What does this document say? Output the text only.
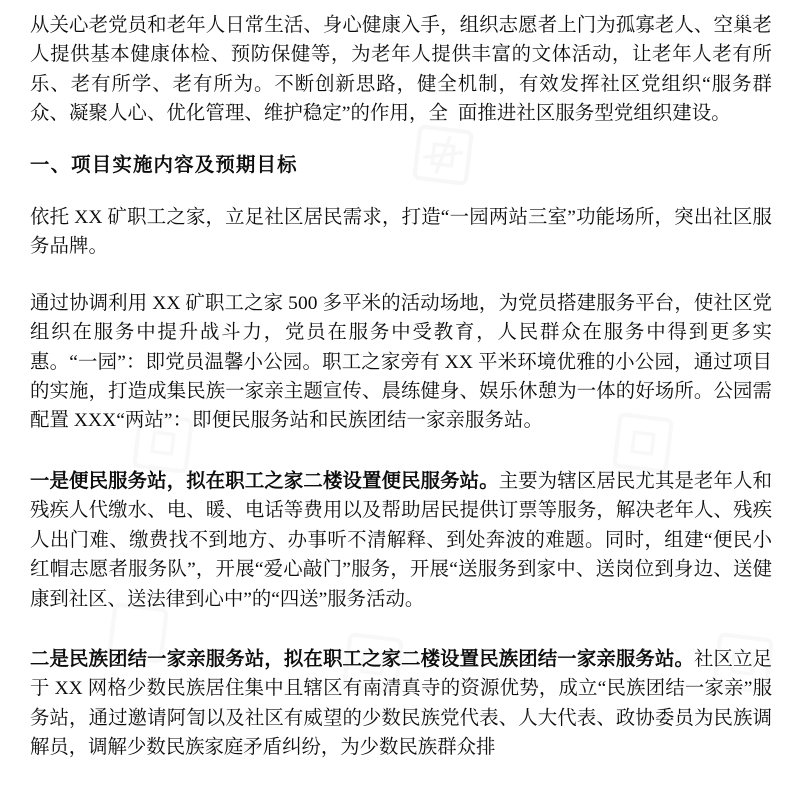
从关心老党员和老年人日常生活、身心健康入手，组织志愿者上门为孤寡老人、空巢老人提供基本健康体检、预防保健等，为老年人提供丰富的文体活动，让老年人老有所乐、老有所学、老有所为。不断创新思路，健全机制，有效发挥社区党组织“服务群众、凝聚人心、优化管理、维护稳定”的作用，全  面推进社区服务型党组织建设。

一、项目实施内容及预期目标

依托 XX 矿职工之家，立足社区居民需求，打造“一园两站三室”功能场所，突出社区服务品牌。

通过协调利用 XX 矿职工之家 500 多平米的活动场地，为党员搭建服务平台，使社区党组织在服务中提升战斗力，党员在服务中受教育，人民群众在服务中得到更多实惠。“一园”：即党员温馨小公园。职工之家旁有 XX 平米环境优雅的小公园，通过项目的实施，打造成集民族一家亲主题宣传、晨练健身、娱乐休憩为一体的好场所。公园需配置 XXX“两站”：即便民服务站和民族团结一家亲服务站。

一是便民服务站，拟在职工之家二楼设置便民服务站。主要为辖区居民尤其是老年人和残疾人代缴水、电、暖、电话等费用以及帮助居民提供订票等服务，解决老年人、残疾人出门难、缴费找不到地方、办事听不清解释、到处奔波的难题。同时，组建“便民小红帽志愿者服务队”，开展“爱心敲门”服务，开展“送服务到家中、送岗位到身边、送健康到社区、送法律到心中”的“四送”服务活动。

二是民族团结一家亲服务站，拟在职工之家二楼设置民族团结一家亲服务站。社区立足于 XX 网格少数民族居住集中且辖区有南清真寺的资源优势，成立“民族团结一家亲”服务站，通过邀请阿訇以及社区有威望的少数民族党代表、人大代表、政协委员为民族调解员，调解少数民族家庭矛盾纠纷，为少数民族群众排
